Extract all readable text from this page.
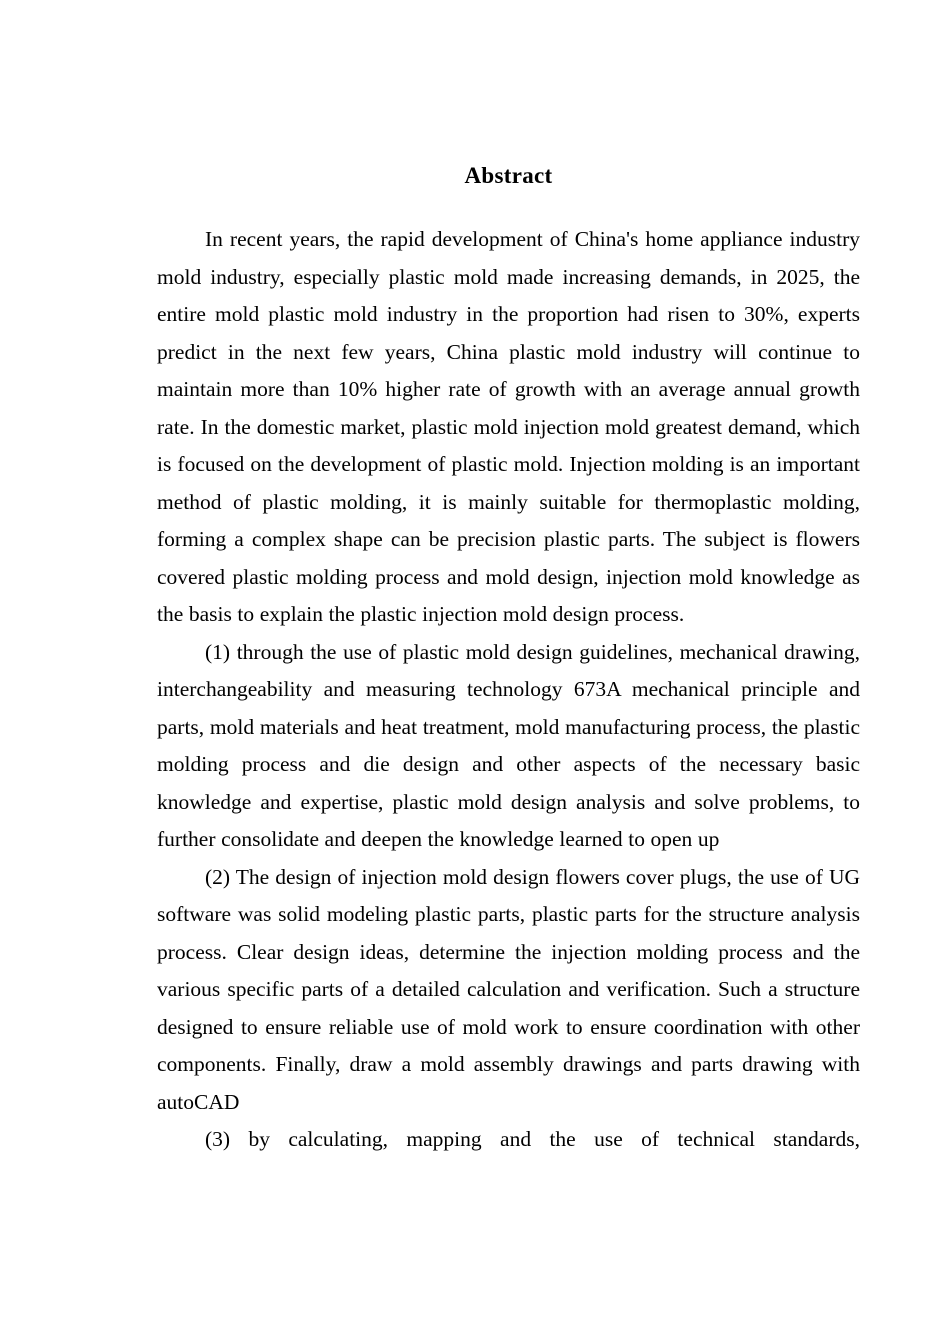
Abstract

In recent years, the rapid development of China's home appliance industry mold industry, especially plastic mold made increasing demands, in 2025, the entire mold plastic mold industry in the proportion had risen to 30%, experts predict in the next few years, China plastic mold industry will continue to maintain more than 10% higher rate of growth with an average annual growth rate. In the domestic market, plastic mold injection mold greatest demand, which is focused on the development of plastic mold. Injection molding is an important method of plastic molding, it is mainly suitable for thermoplastic molding, forming a complex shape can be precision plastic parts. The subject is flowers covered plastic molding process and mold design, injection mold knowledge as the basis to explain the plastic injection mold design process.

(1) through the use of plastic mold design guidelines, mechanical drawing, interchangeability and measuring technology 673A mechanical principle and parts, mold materials and heat treatment, mold manufacturing process, the plastic molding process and die design and other aspects of the necessary basic knowledge and expertise, plastic mold design analysis and solve problems, to further consolidate and deepen the knowledge learned to open up

(2) The design of injection mold design flowers cover plugs, the use of UG software was solid modeling plastic parts, plastic parts for the structure analysis process. Clear design ideas, determine the injection molding process and the various specific parts of a detailed calculation and verification. Such a structure designed to ensure reliable use of mold work to ensure coordination with other components. Finally, draw a mold assembly drawings and parts drawing with autoCAD

(3) by calculating, mapping and the use of technical standards,
